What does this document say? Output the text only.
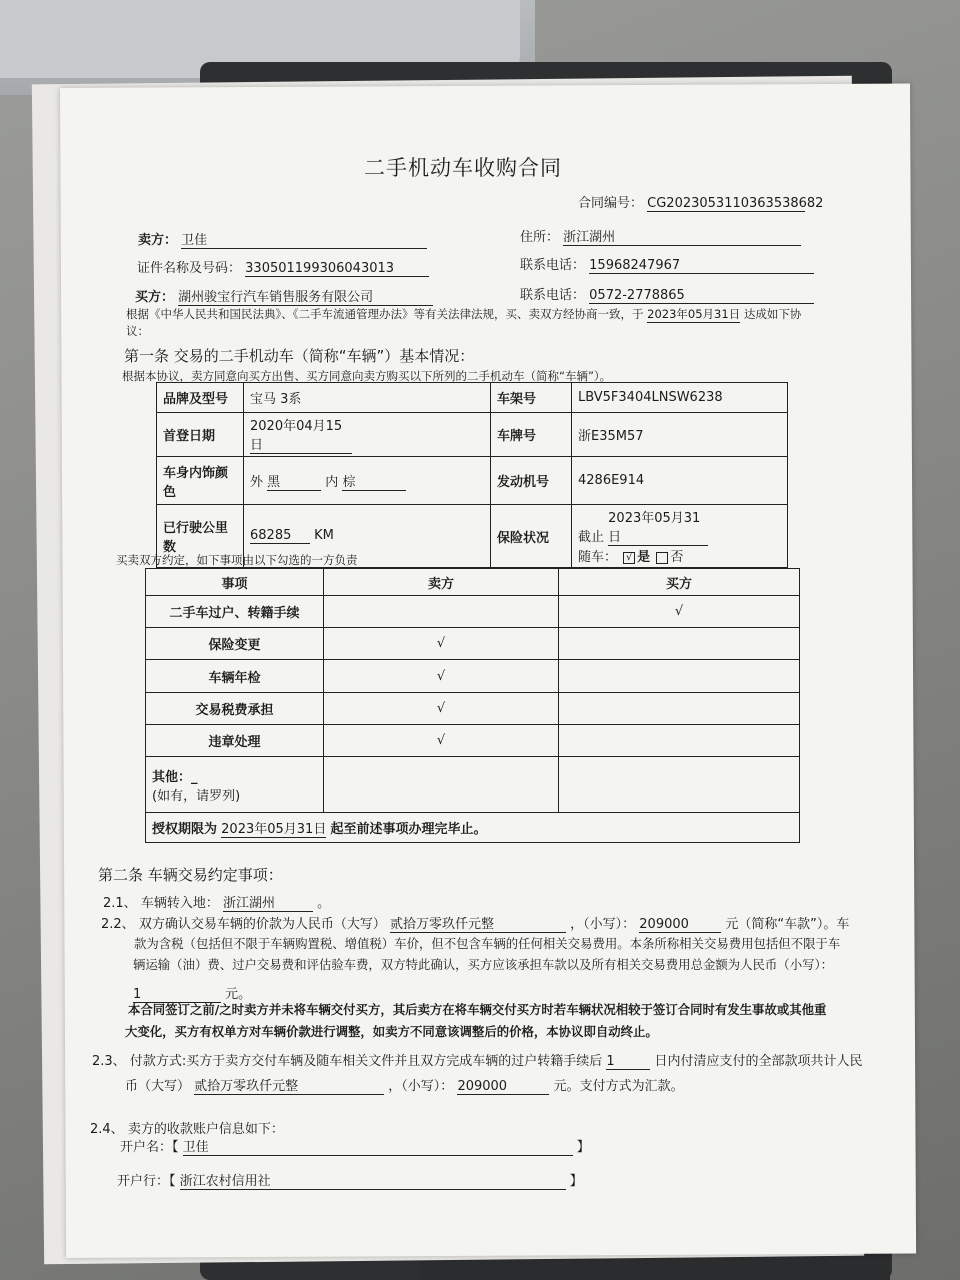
二手机动车收购合同
合同编号： CG2023053110363538682
卖方： 卫佳	住所： 浙江湖州
证件名称及号码： 330501199306043013	联系电话： 15968247967
买方： 湖州骏宝行汽车销售服务有限公司	联系电话： 0572-2778865
根据《中华人民共和国民法典》、《二手车流通管理办法》等有关法律法规，买、卖双方经协商一致，于 2023年05月31日 达成如下协
议：
第一条 交易的二手机动车（简称“车辆”）基本情况：
根据本协议，卖方同意向买方出售、买方同意向卖方购买以下所列的二手机动车（简称“车辆”）。
品牌及型号	宝马 3系	车架号	LBV5F3404LNSW6238
首登日期	2020年04月15日	车牌号	浙E35M57
车身内饰颜色	外 黑 内 棕	发动机号	4286E914
已行驶公里数	68285 KM	保险状况	截止 2023年05月31日
随车： √ 是 否
买卖双方约定，如下事项由以下勾选的一方负责
事项	卖方	买方
二手车过户、转籍手续		√
保险变更	√	
车辆年检	√	
交易税费承担	√	
违章处理	√	

其他：_
(如有，请罗列)		

授权期限为 2023年05月31日 起至前述事项办理完毕止。		
第二条 车辆交易约定事项：
2.1、 车辆转入地： 浙江湖州	。
2.2、 双方确认交易车辆的价款为人民币（大写） 贰拾万零玖仟元整	，（小写）： 209000	元（简称“车款”）。车
款为含税（包括但不限于车辆购置税、增值税）车价，但不包含车辆的任何相关交易费用。本条所称相关交易费用包括但不限于车
辆运输（油）费、过户交易费和评估验车费，双方特此确认，买方应该承担车款以及所有相关交易费用总金额为人民币（小写）：
1	元。
本合同签订之前/之时卖方并未将车辆交付买方，其后卖方在将车辆交付买方时若车辆状况相较于签订合同时有发生事故或其他重
大变化，买方有权单方对车辆价款进行调整，如卖方不同意该调整后的价格，本协议即自动终止。
2.3、 付款方式:买方于卖方交付车辆及随车相关文件并且双方完成车辆的过户转籍手续后 1	日内付清应支付的全部款项共计人民
币（大写） 贰拾万零玖仟元整	，（小写）： 209000	元。支付方式为汇款。
2.4、 卖方的收款账户信息如下：
开户名：【 卫佳	】
开户行：【 浙江农村信用社	】
